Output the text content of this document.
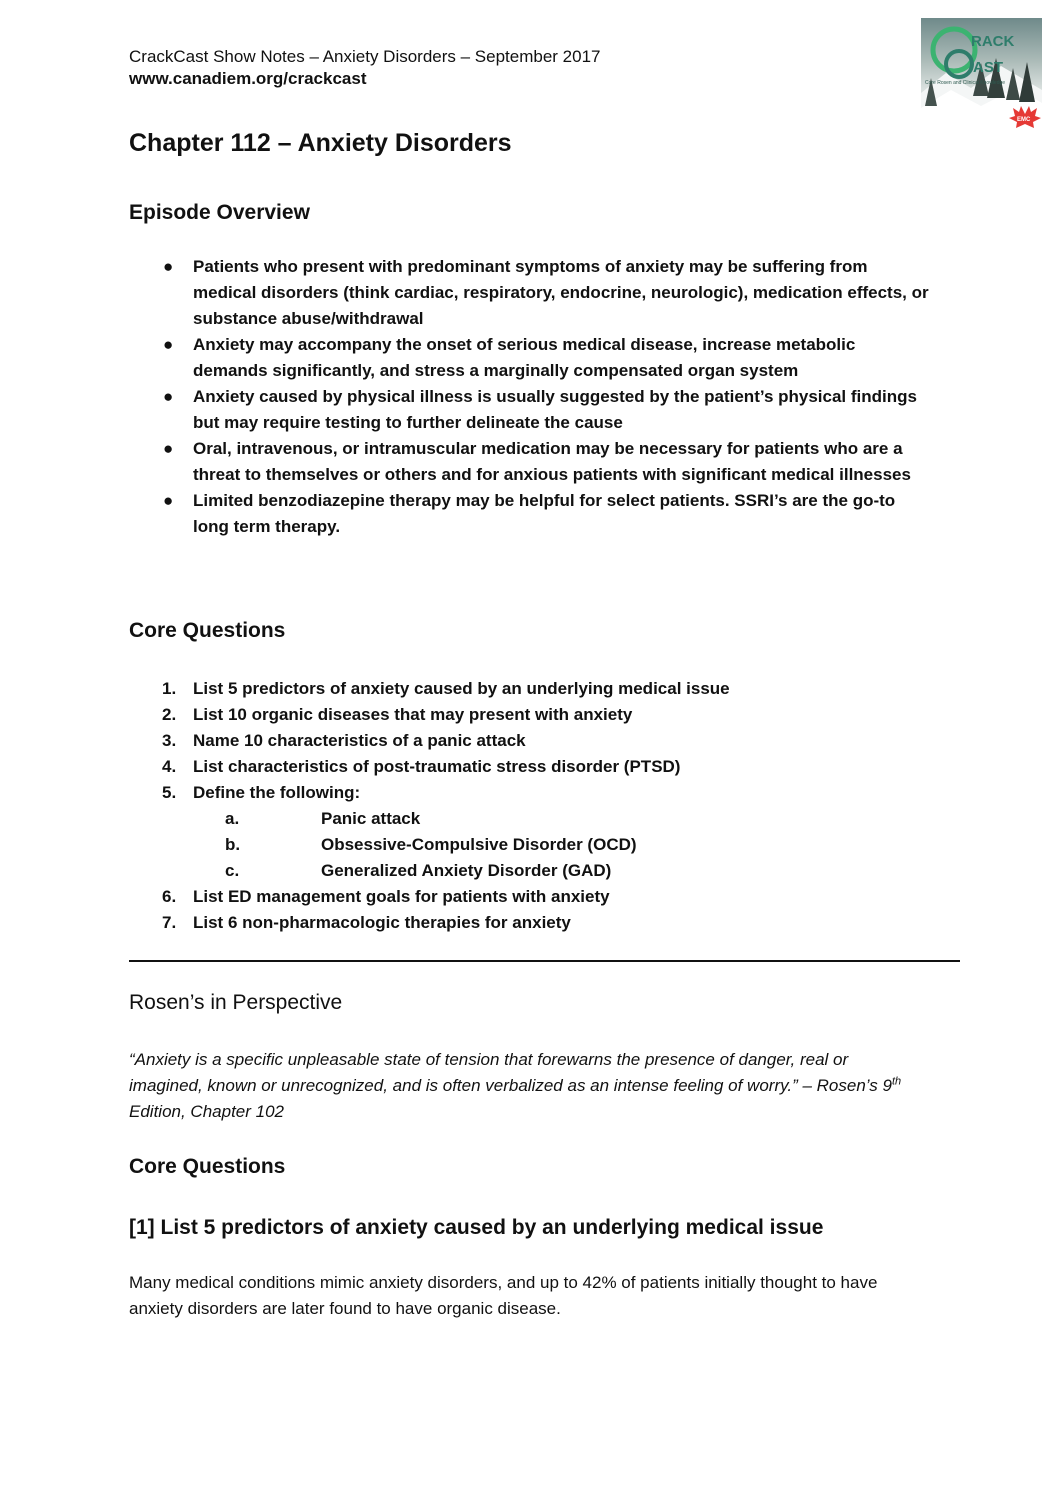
CrackCast Show Notes – Anxiety Disorders – September 2017
www.canadiem.org/crackcast
RACK
AST
Core Rosen and Clinical Knowledge
EMC
Chapter 112 – Anxiety Disorders
Episode Overview
● Patients who present with predominant symptoms of anxiety may be suffering from medical disorders (think cardiac, respiratory, endocrine, neurologic), medication effects, or substance abuse/withdrawal
● Anxiety may accompany the onset of serious medical disease, increase metabolic demands significantly, and stress a marginally compensated organ system
● Anxiety caused by physical illness is usually suggested by the patient’s physical findings but may require testing to further delineate the cause
● Oral, intravenous, or intramuscular medication may be necessary for patients who are a threat to themselves or others and for anxious patients with significant medical illnesses
● Limited benzodiazepine therapy may be helpful for select patients. SSRI’s are the go-to long term therapy.
Core Questions
1. List 5 predictors of anxiety caused by an underlying medical issue
2. List 10 organic diseases that may present with anxiety
3. Name 10 characteristics of a panic attack
4. List characteristics of post-traumatic stress disorder (PTSD)
5. Define the following:
a.	Panic attack
b.	Obsessive-Compulsive Disorder (OCD)
c.	Generalized Anxiety Disorder (GAD)
6. List ED management goals for patients with anxiety
7. List 6 non-pharmacologic therapies for anxiety
Rosen’s in Perspective
“Anxiety is a specific unpleasable state of tension that forewarns the presence of danger, real or imagined, known or unrecognized, and is often verbalized as an intense feeling of worry.” – Rosen’s 9th Edition, Chapter 102
Core Questions
[1] List 5 predictors of anxiety caused by an underlying medical issue
Many medical conditions mimic anxiety disorders, and up to 42% of patients initially thought to have anxiety disorders are later found to have organic disease.
